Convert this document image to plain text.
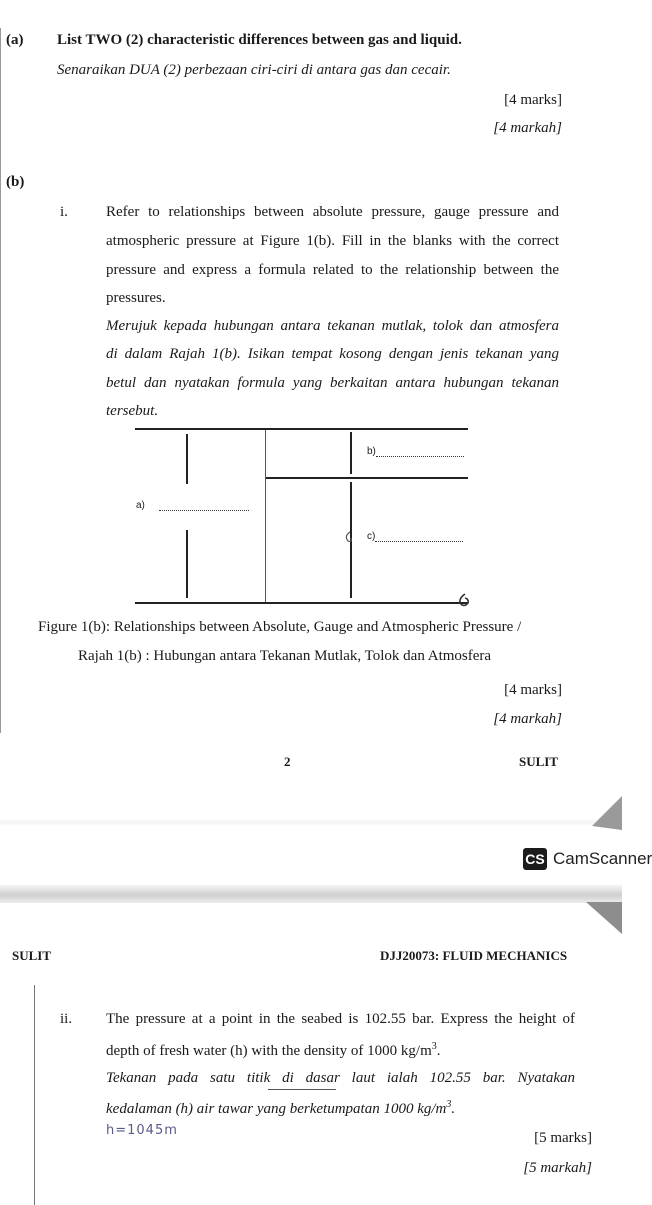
(a) List TWO (2) characteristic differences between gas and liquid.
Senaraikan DUA (2) perbezaan ciri-ciri di antara gas dan cecair.
[4 marks]
[4 markah]
(b)
i.	Refer to relationships between absolute pressure, gauge pressure and
atmospheric pressure at Figure 1(b). Fill in the blanks with the correct
pressure and express a formula related to the relationship between the
pressures.
Merujuk kepada hubungan antara tekanan mutlak, tolok dan atmosfera
di dalam Rajah 1(b). Isikan tempat kosong dengan jenis tekanan yang
betul dan nyatakan formula yang berkaitan antara hubungan tekanan
tersebut.
b)
a)
c)
Figure 1(b): Relationships between Absolute, Gauge and Atmospheric Pressure /
Rajah 1(b) : Hubungan antara Tekanan Mutlak, Tolok dan Atmosfera
[4 marks]
[4 markah]
2	SULIT
CS CamScanner
SULIT	DJJ20073: FLUID MECHANICS
ii. The pressure at a point in the seabed is 102.55 bar. Express the height of
depth of fresh water (h) with the density of 1000 $kg/m^3$.
Tekanan pada satu titik di dasar laut ialah 102.55 bar. Nyatakan
kedalaman (h) air tawar yang berketumpatan 1000 $kg/m^3$.
h=1045m	[5 marks]
[5 markah]
